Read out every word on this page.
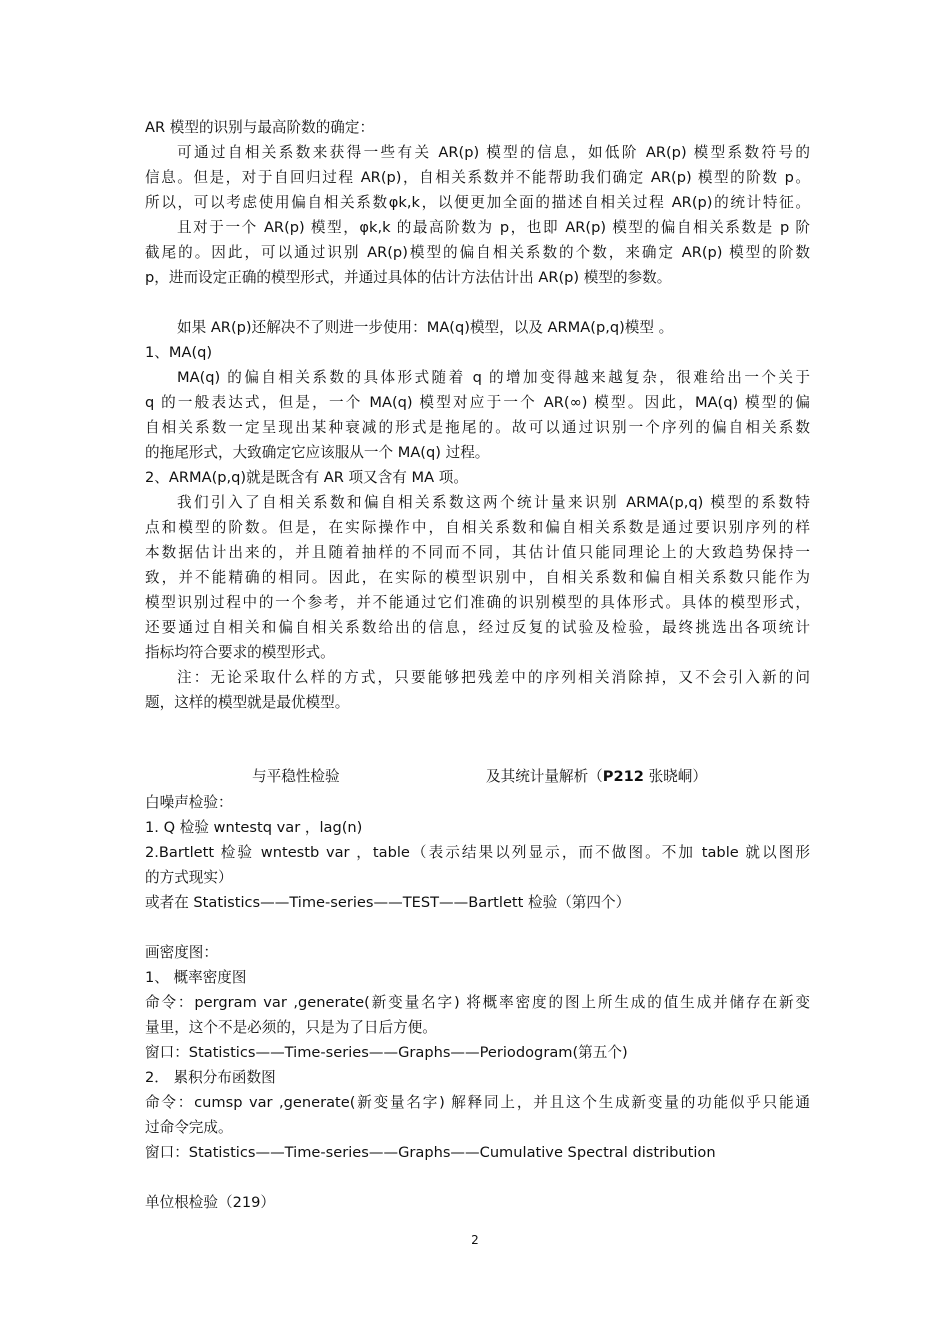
AR 模型的识别与最高阶数的确定：
可通过自相关系数来获得一些有关 AR(p) 模型的信息，如低阶 AR(p) 模型系数符号的
信息。但是，对于自回归过程 AR(p)，自相关系数并不能帮助我们确定 AR(p) 模型的阶数 p。
所以，可以考虑使用偏自相关系数φk,k，以便更加全面的描述自相关过程 AR(p)的统计特征。
且对于一个 AR(p) 模型，φk,k 的最高阶数为 p，也即 AR(p) 模型的偏自相关系数是 p 阶
截尾的。因此，可以通过识别 AR(p)模型的偏自相关系数的个数，来确定 AR(p) 模型的阶数
p，进而设定正确的模型形式，并通过具体的估计方法估计出 AR(p) 模型的参数。
如果 AR(p)还解决不了则进一步使用：MA(q)模型，以及 ARMA(p,q)模型 。
1、MA(q)
MA(q) 的偏自相关系数的具体形式随着 q 的增加变得越来越复杂，很难给出一个关于
q 的一般表达式，但是，一个 MA(q) 模型对应于一个 AR(∞) 模型。因此，MA(q) 模型的偏
自相关系数一定呈现出某种衰减的形式是拖尾的。故可以通过识别一个序列的偏自相关系数
的拖尾形式，大致确定它应该服从一个 MA(q) 过程。
2、ARMA(p,q)就是既含有 AR 项又含有 MA 项。
我们引入了自相关系数和偏自相关系数这两个统计量来识别 ARMA(p,q) 模型的系数特
点和模型的阶数。但是，在实际操作中，自相关系数和偏自相关系数是通过要识别序列的样
本数据估计出来的，并且随着抽样的不同而不同，其估计值只能同理论上的大致趋势保持一
致，并不能精确的相同。因此，在实际的模型识别中，自相关系数和偏自相关系数只能作为
模型识别过程中的一个参考，并不能通过它们准确的识别模型的具体形式。具体的模型形式，
还要通过自相关和偏自相关系数给出的信息，经过反复的试验及检验，最终挑选出各项统计
指标均符合要求的模型形式。
注：无论采取什么样的方式，只要能够把残差中的序列相关消除掉，又不会引入新的问
题，这样的模型就是最优模型。
与平稳性检验	及其统计量解析（P212 张晓峒）
白噪声检验：
1. Q 检验 wntestq var ，lag(n)
2.Bartlett 检验 wntestb var ，table（表示结果以列显示，而不做图。不加 table 就以图形
的方式现实）
或者在 Statistics——Time-series——TEST——Bartlett 检验（第四个）
画密度图：
1、 概率密度图
命令：pergram var ,generate(新变量名字) 将概率密度的图上所生成的值生成并储存在新变
量里，这个不是必须的，只是为了日后方便。
窗口：Statistics——Time-series——Graphs——Periodogram(第五个)
2． 累积分布函数图
命令：cumsp var ,generate(新变量名字) 解释同上，并且这个生成新变量的功能似乎只能通
过命令完成。
窗口：Statistics——Time-series——Graphs——Cumulative Spectral distribution
单位根检验（219）
2
